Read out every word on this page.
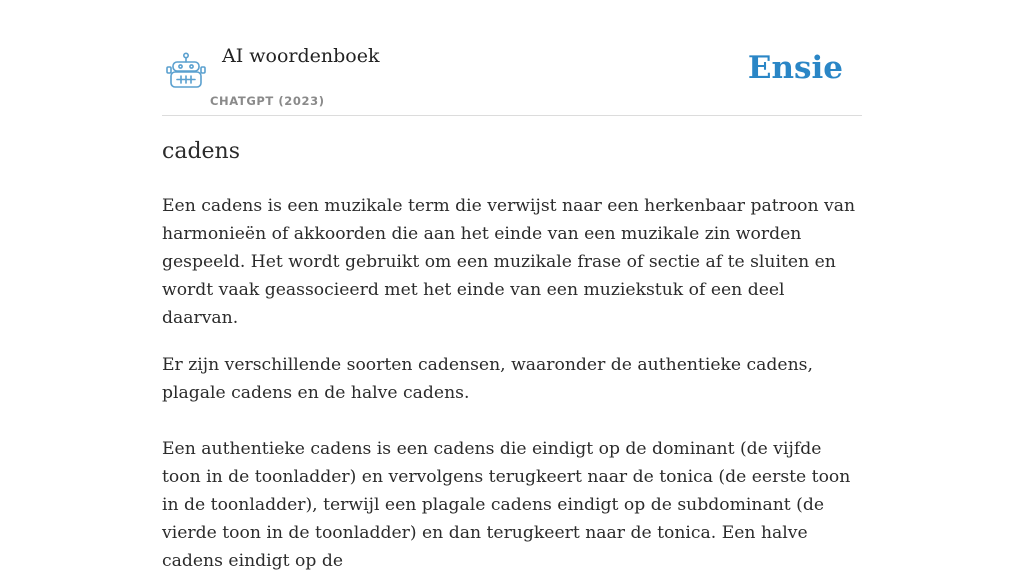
AI woordenboek
CHATGPT (2023)
Ensie
cadens

Een cadens is een muzikale term die verwijst naar een herkenbaar patroon van harmonieën of akkoorden die aan het einde van een muzikale zin worden gespeeld. Het wordt gebruikt om een muzikale frase of sectie af te sluiten en wordt vaak geassocieerd met het einde van een muziekstuk of een deel daarvan.

Er zijn verschillende soorten cadensen, waaronder de authentieke cadens, plagale cadens en de halve cadens.

Een authentieke cadens is een cadens die eindigt op de dominant (de vijfde toon in de toonladder) en vervolgens terugkeert naar de tonica (de eerste toon in de toonladder), terwijl een plagale cadens eindigt op de subdominant (de vierde toon in de toonladder) en dan terugkeert naar de tonica. Een halve cadens eindigt op de
